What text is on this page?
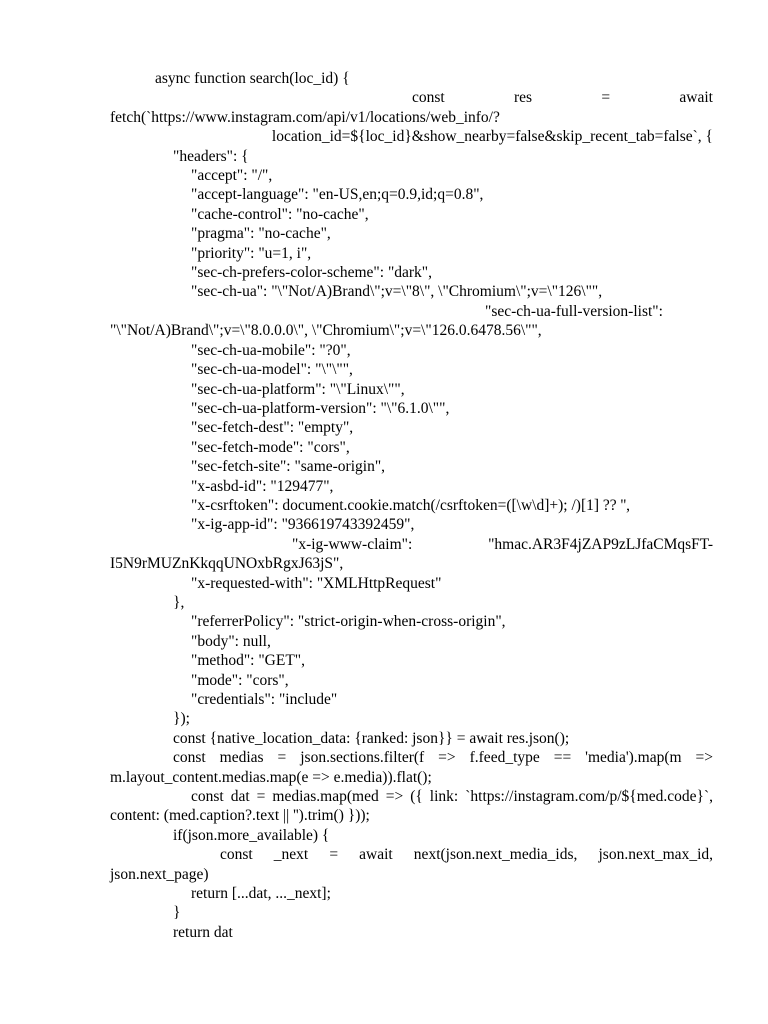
async function search(loc_id) {

const res = await fetch(`https://www.instagram.com/api/v1/locations/web_info/?location_id=${loc_id}&show_nearby=false&skip_recent_tab=false`, {

"headers": {

"accept": "/",

"accept-language": "en-US,en;q=0.9,id;q=0.8",

"cache-control": "no-cache",

"pragma": "no-cache",

"priority": "u=1, i",

"sec-ch-prefers-color-scheme": "dark",

"sec-ch-ua": "\"Not/A)Brand\";v=\"8\", \"Chromium\";v=\"126\"",

"sec-ch-ua-full-version-list": "\"Not/A)Brand\";v=\"8.0.0.0\", \"Chromium\";v=\"126.0.6478.56\"",

"sec-ch-ua-mobile": "?0",

"sec-ch-ua-model": "\"\"",

"sec-ch-ua-platform": "\"Linux\"",

"sec-ch-ua-platform-version": "\"6.1.0\"",

"sec-fetch-dest": "empty",

"sec-fetch-mode": "cors",

"sec-fetch-site": "same-origin",

"x-asbd-id": "129477",

"x-csrftoken": document.cookie.match(/csrftoken=([\w\d]+); /)[1] ?? '',

"x-ig-app-id": "936619743392459",

"x-ig-www-claim": "hmac.AR3F4jZAP9zLJfaCMqsFT-I5N9rMUZnKkqqUNOxbRgxJ63jS",

"x-requested-with": "XMLHttpRequest"

},

"referrerPolicy": "strict-origin-when-cross-origin",

"body": null,

"method": "GET",

"mode": "cors",

"credentials": "include"

});

const {native_location_data: {ranked: json}} = await res.json();

const medias = json.sections.filter(f => f.feed_type == 'media').map(m => m.layout_content.medias.map(e => e.media)).flat();

const dat = medias.map(med => ({ link: `https://instagram.com/p/${med.code}`, content: (med.caption?.text || '').trim() }));

if(json.more_available) {

const _next = await next(json.next_media_ids, json.next_max_id, json.next_page)

return [...dat, ..._next];

}

return dat
